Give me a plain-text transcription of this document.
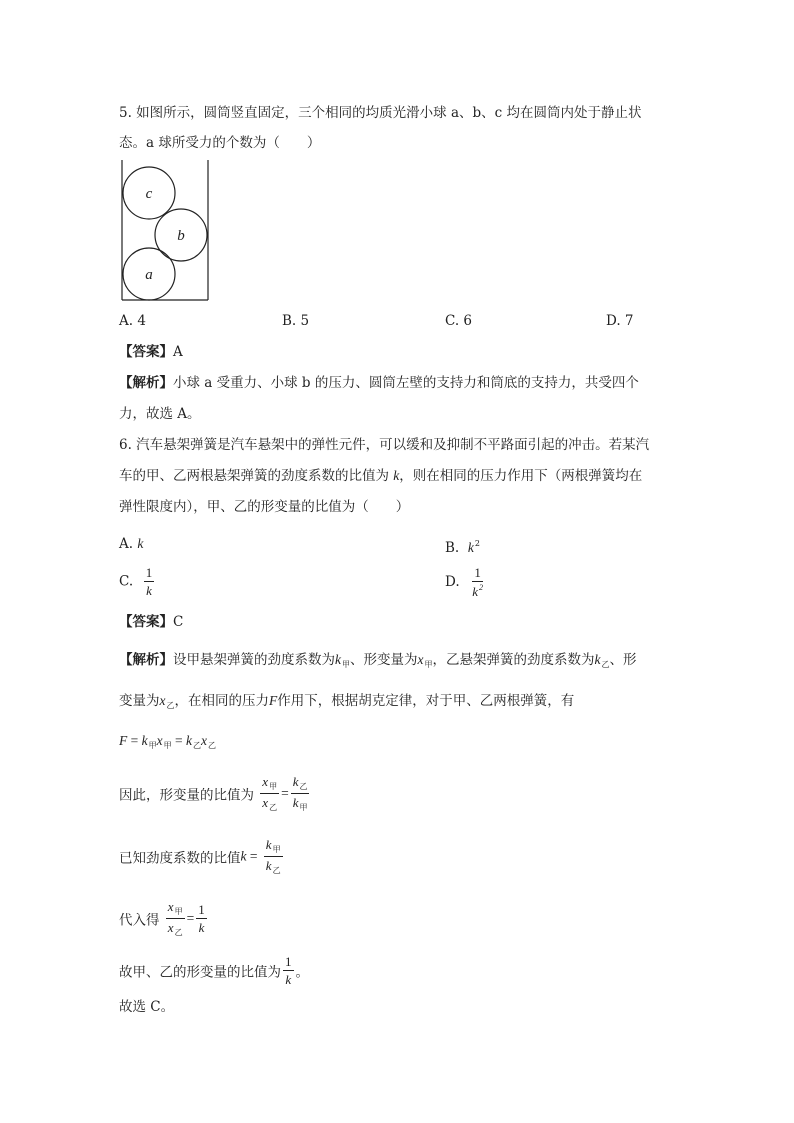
5. 如图所示，圆筒竖直固定，三个相同的均质光滑小球 a、b、c 均在圆筒内处于静止状
态。a 球所受力的个数为（　　）
c
b
a
A. 4	B. 5	C. 6	D. 7
【答案】A
【解析】小球 a 受重力、小球 b 的压力、圆筒左壁的支持力和筒底的支持力，共受四个
力，故选 A。
6. 汽车悬架弹簧是汽车悬架中的弹性元件，可以缓和及抑制不平路面引起的冲击。若某汽
车的甲、乙两根悬架弹簧的劲度系数的比值为 k，则在相同的压力作用下（两根弹簧均在
弹性限度内），甲、乙的形变量的比值为（　　）
A. k	B. $k^2$
C. $\frac{1}{k}$	D. $\frac{1}{k^2}$
【答案】C
【解析】设甲悬架弹簧的劲度系数为$k_甲$、形变量为$x_甲$，乙悬架弹簧的劲度系数为$k_乙$、形
变量为$x_乙$，在相同的压力F作用下，根据胡克定律，对于甲、乙两根弹簧，有
$F = k_甲x_甲 = k_乙x_乙$
因此，形变量的比值为 $\frac{x_甲}{x_乙} = \frac{k_乙}{k_甲}$
已知劲度系数的比值$k = \frac{k_甲}{k_乙}$
代入得 $\frac{x_甲}{x_乙} = \frac{1}{k}$
故甲、乙的形变量的比值为 $\frac{1}{k}$ 。
故选 C。
